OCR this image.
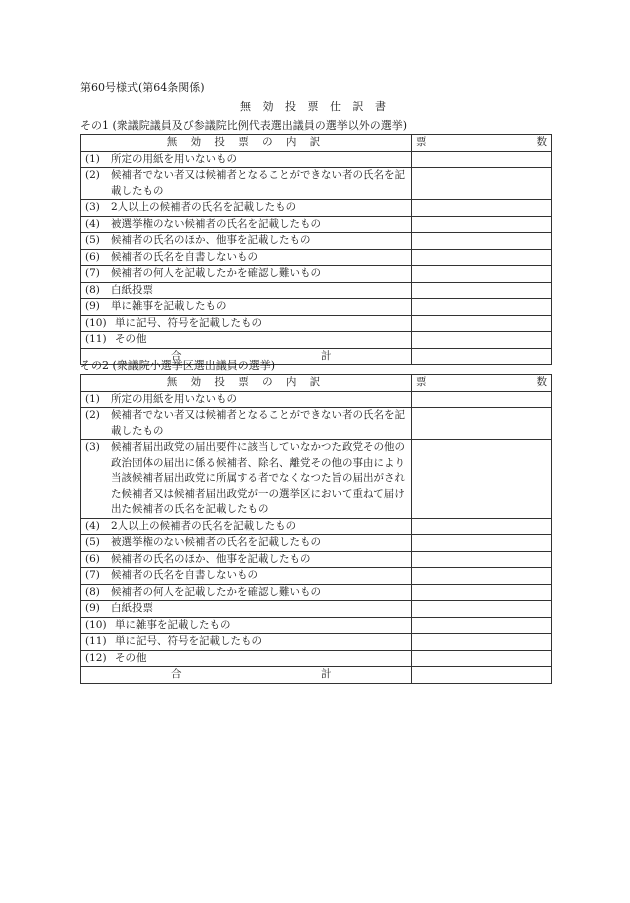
第60号様式(第64条関係)
無 効 投 票 仕 訳 書
その1 (衆議院議員及び参議院比例代表選出議員の選挙以外の選挙)
無 効 投 票 の 内 訳	票 数

(1) 所定の用紙を用いないもの	

(2) 候補者でない者又は候補者となることができない者の氏名を記載したもの	

(3) 2人以上の候補者の氏名を記載したもの	

(4) 被選挙権のない候補者の氏名を記載したもの	

(5) 候補者の氏名のほか、他事を記載したもの	

(6) 候補者の氏名を自書しないもの	

(7) 候補者の何人を記載したかを確認し難いもの	

(8) 白紙投票	

(9) 単に雑事を記載したもの	

(10) 単に記号、符号を記載したもの	

(11) その他	

合 計	
その2 (衆議院小選挙区選出議員の選挙)
無 効 投 票 の 内 訳	票 数

(1) 所定の用紙を用いないもの	

(2) 候補者でない者又は候補者となることができない者の氏名を記載したもの	

(3) 候補者届出政党の届出要件に該当していなかつた政党その他の政治団体の届出に係る候補者、除名、離党その他の事由により当該候補者届出政党に所属する者でなくなつた旨の届出がされた候補者又は候補者届出政党が一の選挙区において重ねて届け出た候補者の氏名を記載したもの	

(4) 2人以上の候補者の氏名を記載したもの	

(5) 被選挙権のない候補者の氏名を記載したもの	

(6) 候補者の氏名のほか、他事を記載したもの	

(7) 候補者の氏名を自書しないもの	

(8) 候補者の何人を記載したかを確認し難いもの	

(9) 白紙投票	

(10) 単に雑事を記載したもの	

(11) 単に記号、符号を記載したもの	

(12) その他	

合 計	
